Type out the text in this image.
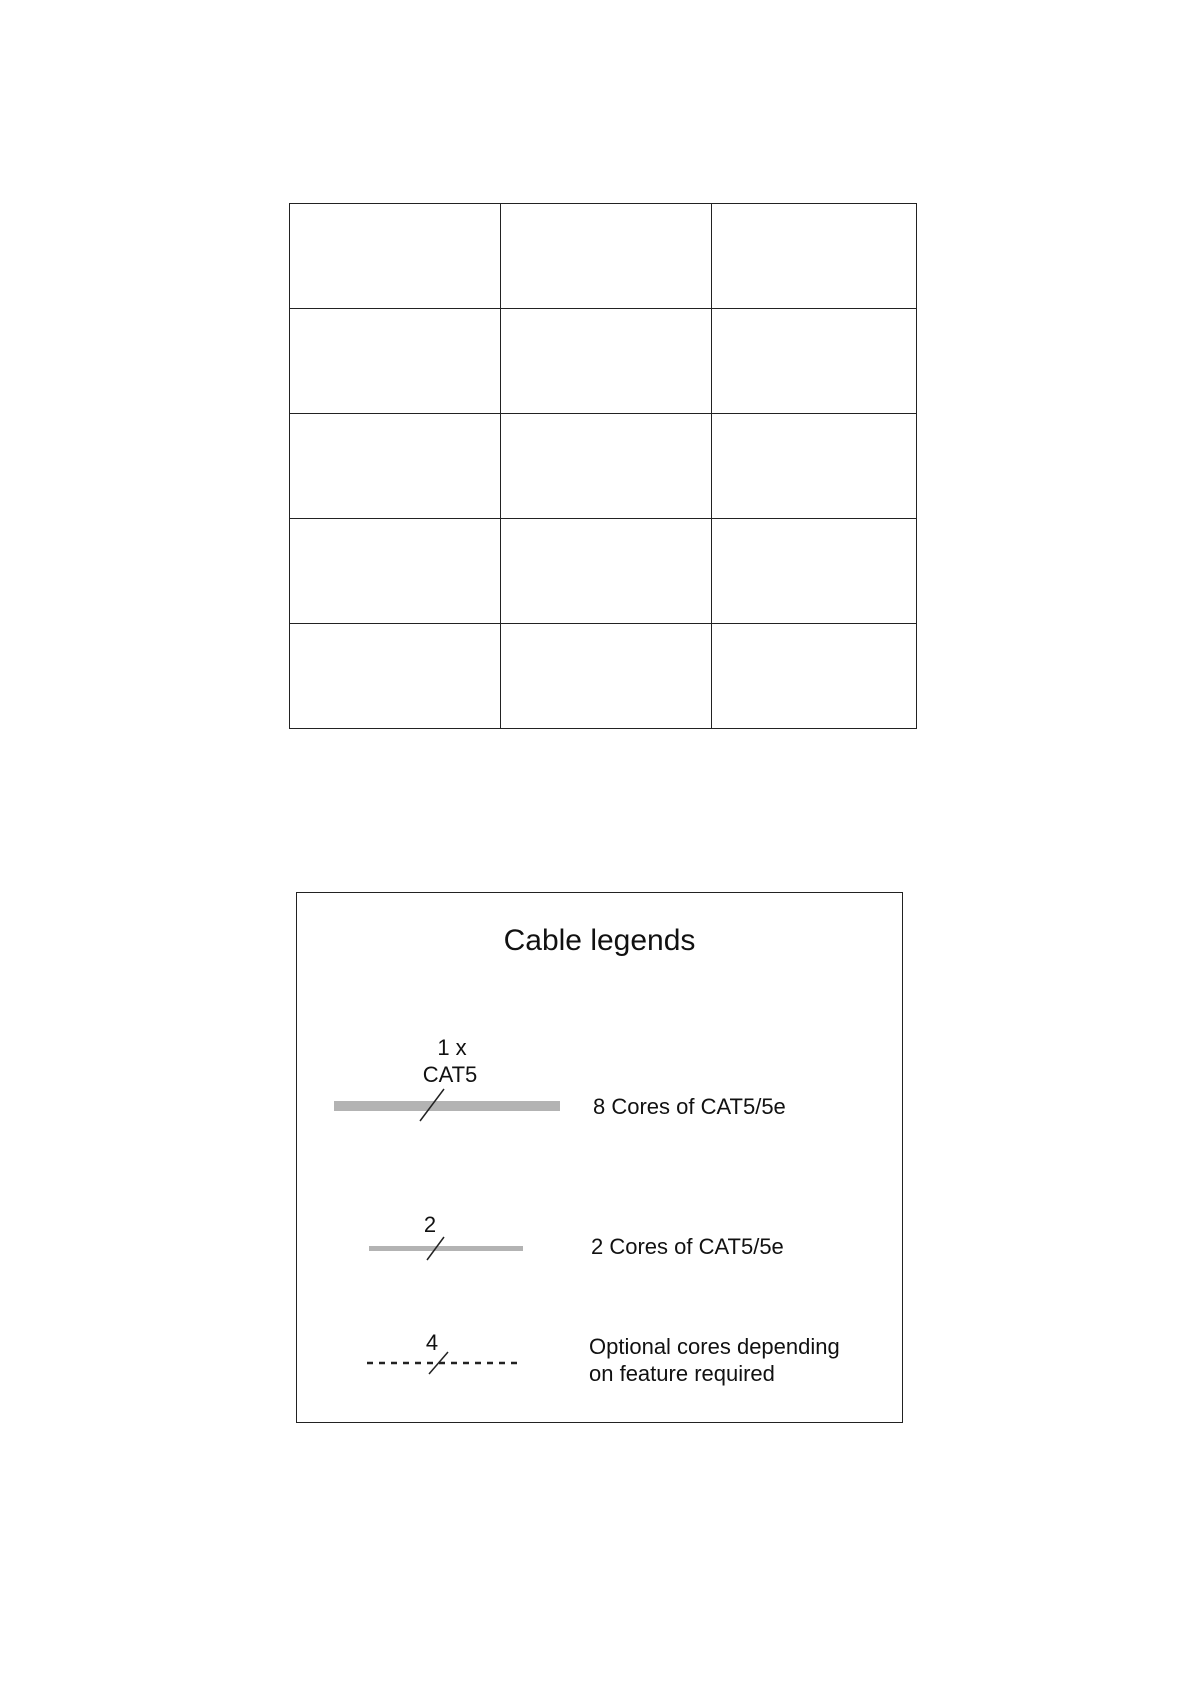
Cable legends
1 x
CAT5
2
4
8 Cores of CAT5/5e
2 Cores of CAT5/5e
Optional cores depending
on feature required
